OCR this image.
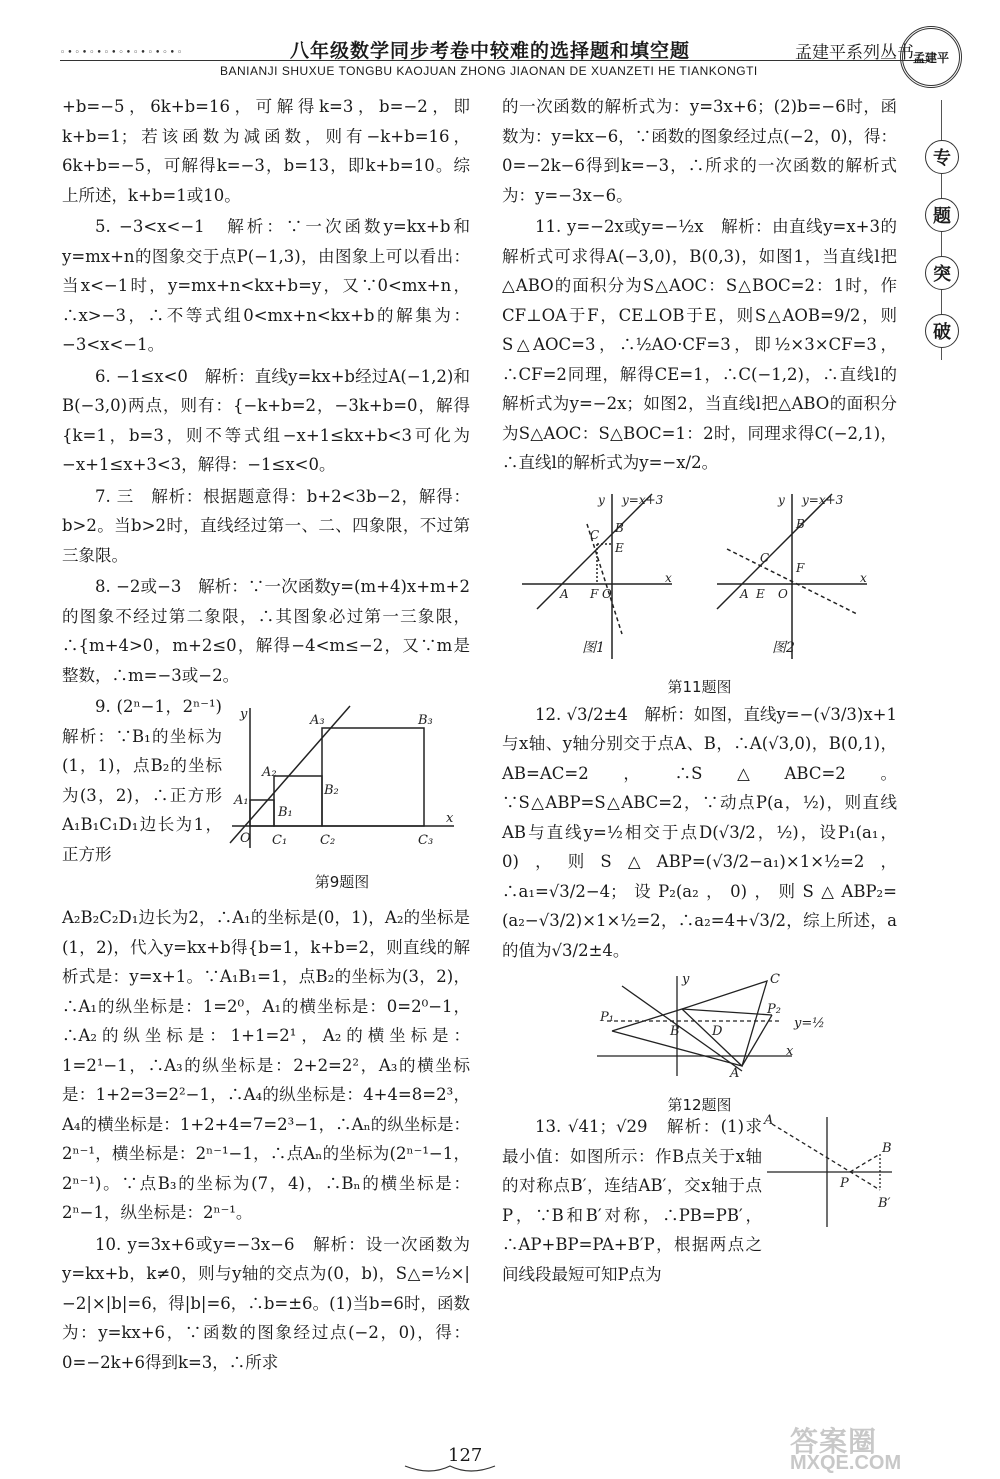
◦•◦•◦•◦•◦•◦•◦•◦•◦	八年级数学同步考卷中较难的选择题和填空题	孟建平系列丛书
BANIANJI SHUXUE TONGBU KAOJUAN ZHONG JIAONAN DE XUANZETI HE TIANKONGTI
孟建平
专
题
突
破

+b=−5，6k+b=16，可解得k=3，b=−2，即k+b=1；若该函数为减函数，则有−k+b=16，6k+b=−5，可解得k=−3，b=13，即k+b=10。综上所述，k+b=1或10。

5. −3<x<−1　解析：∵一次函数y=kx+b和y=mx+n的图象交于点P(−1,3)，由图象上可以看出：当x<−1时，y=mx+n<kx+b=y，又∵0<mx+n，∴x>−3，∴不等式组0<mx+n<kx+b的解集为：−3<x<−1。

6. −1≤x<0　解析：直线y=kx+b经过A(−1,2)和B(−3,0)两点，则有：{−k+b=2，−3k+b=0，解得{k=1，b=3，则不等式组−x+1≤kx+b<3可化为−x+1≤x+3<3，解得：−1≤x<0。

7. 三　解析：根据题意得：b+2<3b−2，解得：b>2。当b>2时，直线经过第一、二、四象限，不过第三象限。

8. −2或−3　解析：∵一次函数y=(m+4)x+m+2的图象不经过第二象限，∴其图象必过第一三象限，∴{m+4>0，m+2≤0，解得−4<m≤−2，又∵m是整数，∴m=−3或−2。

9. (2ⁿ−1，2ⁿ⁻¹)　解析：∵B₁的坐标为(1，1)，点B₂的坐标为(3，2)，∴正方形A₁B₁C₁D₁边长为1，正方形

y
x
O
A₁
A₂
A₃
B₁
B₂
B₃
C₁	C₂	C₃
第9题图

A₂B₂C₂D₁边长为2，∴A₁的坐标是(0，1)，A₂的坐标是(1，2)，代入y=kx+b得{b=1，k+b=2，则直线的解析式是：y=x+1。∵A₁B₁=1，点B₂的坐标为(3，2)，∴A₁的纵坐标是：1=2⁰，A₁的横坐标是：0=2⁰−1，∴A₂的纵坐标是：1+1=2¹，A₂的横坐标是：1=2¹−1，∴A₃的纵坐标是：2+2=2²，A₃的横坐标是：1+2=3=2²−1，∴A₄的纵坐标是：4+4=8=2³，A₄的横坐标是：1+2+4=7=2³−1，∴Aₙ的纵坐标是：2ⁿ⁻¹，横坐标是：2ⁿ⁻¹−1，∴点Aₙ的坐标为(2ⁿ⁻¹−1，2ⁿ⁻¹)。∵点B₃的坐标为(7，4)，∴Bₙ的横坐标是：2ⁿ−1，纵坐标是：2ⁿ⁻¹。

10. y=3x+6或y=−3x−6　解析：设一次函数为y=kx+b，k≠0，则与y轴的交点为(0，b)，S△=½×|−2|×|b|=6，得|b|=6，∴b=±6。(1)当b=6时，函数为：y=kx+6，∵函数的图象经过点(−2，0)，得：0=−2k+6得到k=3，∴所求

的一次函数的解析式为：y=3x+6；(2)b=−6时，函数为：y=kx−6，∵函数的图象经过点(−2，0)，得：0=−2k−6得到k=−3，∴所求的一次函数的解析式为：y=−3x−6。

11. y=−2x或y=−½x　解析：由直线y=x+3的解析式可求得A(−3,0)，B(0,3)，如图1，当直线l把△ABO的面积分为S△AOC：S△BOC=2：1时，作CF⊥OA于F，CE⊥OB于E，则S△AOB=9/2，则S△AOC=3，∴½AO·CF=3，即½×3×CF=3，∴CF=2同理，解得CE=1，∴C(−1,2)，∴直线l的解析式为y=−2x；如图2，当直线l把△ABO的面积分为S△AOC：S△BOC=1：2时，同理求得C(−2,1)，∴直线l的解析式为y=−x/2。

y y=x+3
x
A F O
C B
E
y y=x+3
x
A E O
C
B
F
图1	图2
第11题图

12. √3/2±4　解析：如图，直线y=−(√3/3)x+1与x轴、y轴分别交于点A、B，∴A(√3,0)，B(0,1)，AB=AC=2，∴S△ABC=2。∵S△ABP=S△ABC=2，∵动点P(a，½)，则直线AB与直线y=½相交于点D(√3/2，½)，设P₁(a₁，0)，则S△ABP=(√3/2−a₁)×1×½=2，∴a₁=√3/2−4；设P₂(a₂，0)，则S△ABP₂=(a₂−√3/2)×1×½=2，∴a₂=4+√3/2，综上所述，a的值为√3/2±4。

y
x
P₁
P₂
B D
A
C
y=½
第12题图

13. √41；√29　解析：(1)求最小值：如图所示：作B点关于x轴的对称点B′，连结AB′，交x轴于点P，∵B和B′对称，∴PB=PB′，∴AP+BP=PA+B′P，根据两点之间线段最短可知P点为

A
B
P
B′
127	答案圈
MXQE.COM
